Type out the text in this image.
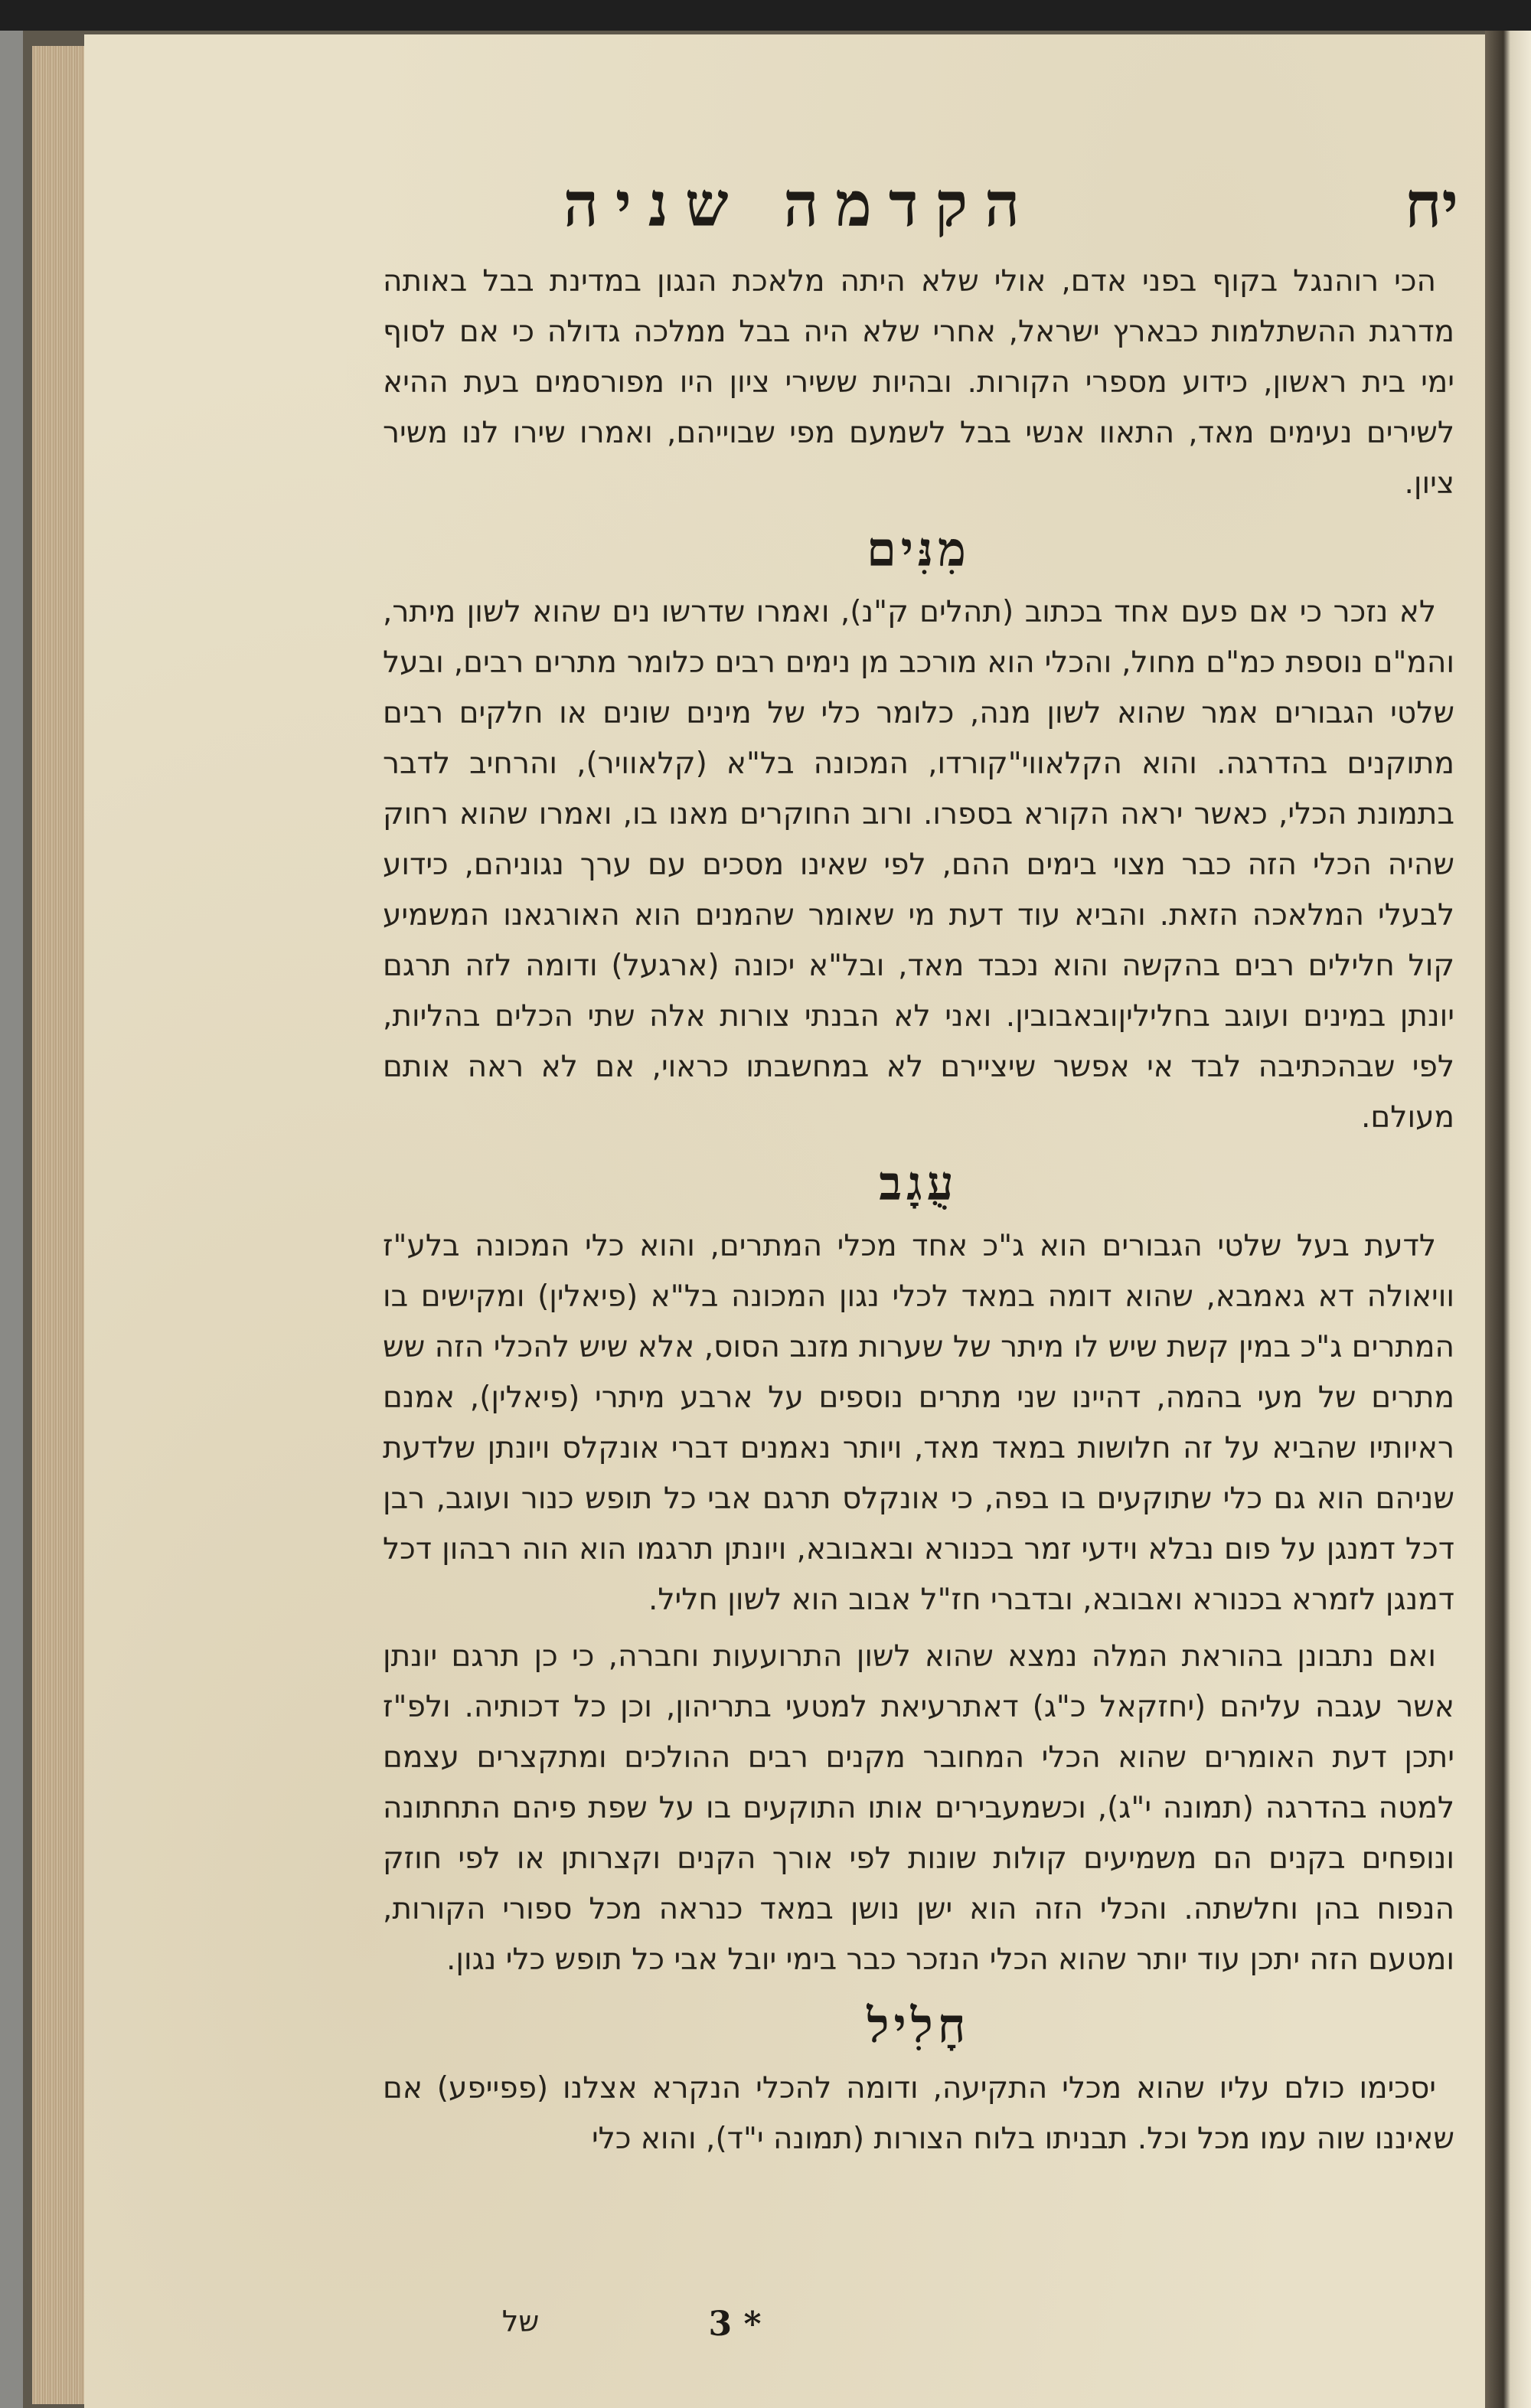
הקדמה שניה	יח

הכי רוהנגל בקוף בפני אדם, אולי שלא היתה מלאכת הנגון במדינת בבל באותה מדרגת ההשתלמות כבארץ ישראל, אחרי שלא היה בבל ממלכה גדולה כי אם לסוף ימי בית ראשון, כידוע מספרי הקורות. ובהיות ששירי ציון היו מפורסמים בעת ההיא לשירים נעימים מאד, התאוו אנשי בבל לשמעם מפי שבוייהם, ואמרו שירו לנו משיר ציון.

מִנִּים

לא נזכר כי אם פעם אחד בכתוב (תהלים ק"נ), ואמרו שדרשו נים שהוא לשון מיתר, והמ"ם נוספת כמ"ם מחול, והכלי הוא מורכב מן נימים רבים כלומר מתרים רבים, ובעל שלטי הגבורים אמר שהוא לשון מנה, כלומר כלי של מינים שונים או חלקים רבים מתוקנים בהדרגה. והוא הקלאווי"קורדו, המכונה בל"א (קלאוויר), והרחיב לדבר בתמונת הכלי, כאשר יראה הקורא בספרו. ורוב החוקרים מאנו בו, ואמרו שהוא רחוק שהיה הכלי הזה כבר מצוי בימים ההם, לפי שאינו מסכים עם ערך נגוניהם, כידוע לבעלי המלאכה הזאת. והביא עוד דעת מי שאומר שהמנים הוא האורגאנו המשמיע קול חלילים רבים בהקשה והוא נכבד מאד, ובל"א יכונה (ארגעל) ודומה לזה תרגם יונתן במינים ועוגב בחליליןובאבובין. ואני לא הבנתי צורות אלה שתי הכלים בהליות, לפי שבהכתיבה לבד אי אפשר שיציירם לא במחשבתו כראוי, אם לא ראה אותם מעולם.

עֻגָב

לדעת בעל שלטי הגבורים הוא ג"כ אחד מכלי המתרים, והוא כלי המכונה בלע"ז וויאולה דא גאמבא, שהוא דומה במאד לכלי נגון המכונה בל"א (פיאלין) ומקישים בו המתרים ג"כ במין קשת שיש לו מיתר של שערות מזנב הסוס, אלא שיש להכלי הזה שש מתרים של מעי בהמה, דהיינו שני מתרים נוספים על ארבע מיתרי (פיאלין), אמנם ראיותיו שהביא על זה חלושות במאד מאד, ויותר נאמנים דברי אונקלס ויונתן שלדעת שניהם הוא גם כלי שתוקעים בו בפה, כי אונקלס תרגם אבי כל תופש כנור ועוגב, רבן דכל דמנגן על פום נבלא וידעי זמר בכנורא ובאבובא, ויונתן תרגמו הוא הוה רבהון דכל דמנגן לזמרא בכנורא ואבובא, ובדברי חז"ל אבוב הוא לשון חליל.

ואם נתבונן בהוראת המלה נמצא שהוא לשון התרועעות וחברה, כי כן תרגם יונתן אשר עגבה עליהם (יחזקאל כ"ג) דאתרעיאת למטעי בתריהון, וכן כל דכותיה. ולפ"ז יתכן דעת האומרים שהוא הכלי המחובר מקנים רבים ההולכים ומתקצרים עצמם למטה בהדרגה (תמונה י"ג), וכשמעבירים אותו התוקעים בו על שפת פיהם התחתונה ונופחים בקנים הם משמיעים קולות שונות לפי אורך הקנים וקצרותן או לפי חוזק הנפוח בהן וחלשתה. והכלי הזה הוא ישן נושן במאד כנראה מכל ספורי הקורות, ומטעם הזה יתכן עוד יותר שהוא הכלי הנזכר כבר בימי יובל אבי כל תופש כלי נגון.

חָלִיל

יסכימו כולם עליו שהוא מכלי התקיעה, ודומה להכלי הנקרא אצלנו (פפייפע) אם שאיננו שוה עמו מכל וכל. תבניתו בלוח הצורות (תמונה י"ד), והוא כלי

של	3 *
